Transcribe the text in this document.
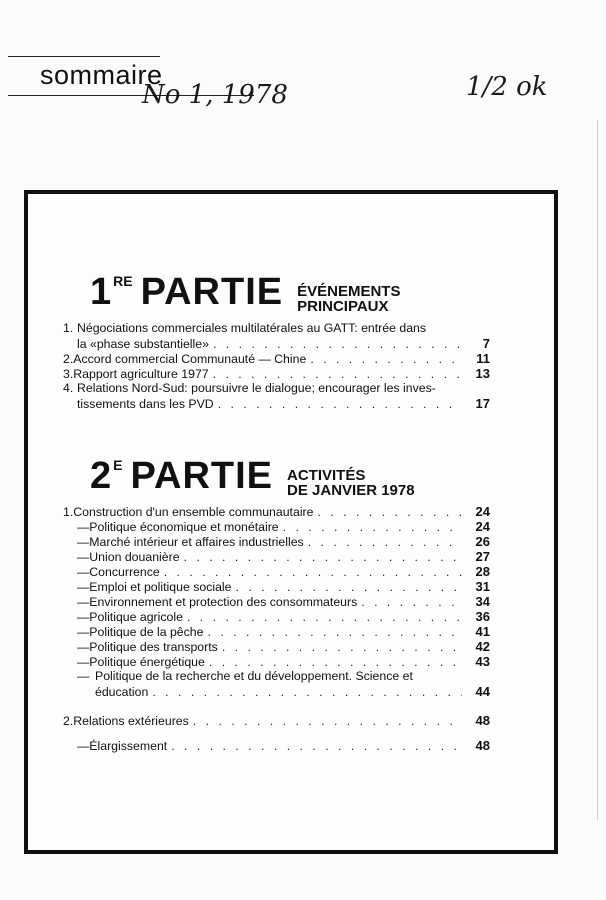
sommaire
No 1, 1978	1/2 ok
1 RE PARTIE ÉVÉNEMENTS
PRINCIPAUX
1. Négociations commerciales multilatérales au GATT: entrée dans
la «phase substantielle» . . .	7
2. Accord commercial Communauté — Chine . . .	11
3. Rapport agriculture 1977 . . .	13
4. Relations Nord-Sud: poursuivre le dialogue; encourager les inves-
tissements dans les PVD . . .	17
2 E PARTIE ACTIVITÉS
DE JANVIER 1978
1. Construction d'un ensemble communautaire . . .	24
— Politique économique et monétaire . . .	24
— Marché intérieur et affaires industrielles . . .	26
— Union douanière . . .	27
— Concurrence . . .	28
— Emploi et politique sociale . . .	31
— Environnement et protection des consommateurs . . .	34
— Politique agricole . . .	36
— Politique de la pêche . . .	41
— Politique des transports . . .	42
— Politique énergétique . . .	43
— Politique de la recherche et du développement. Science et
éducation . . .	44
2. Relations extérieures . . .	48
— Élargissement . . .	48
